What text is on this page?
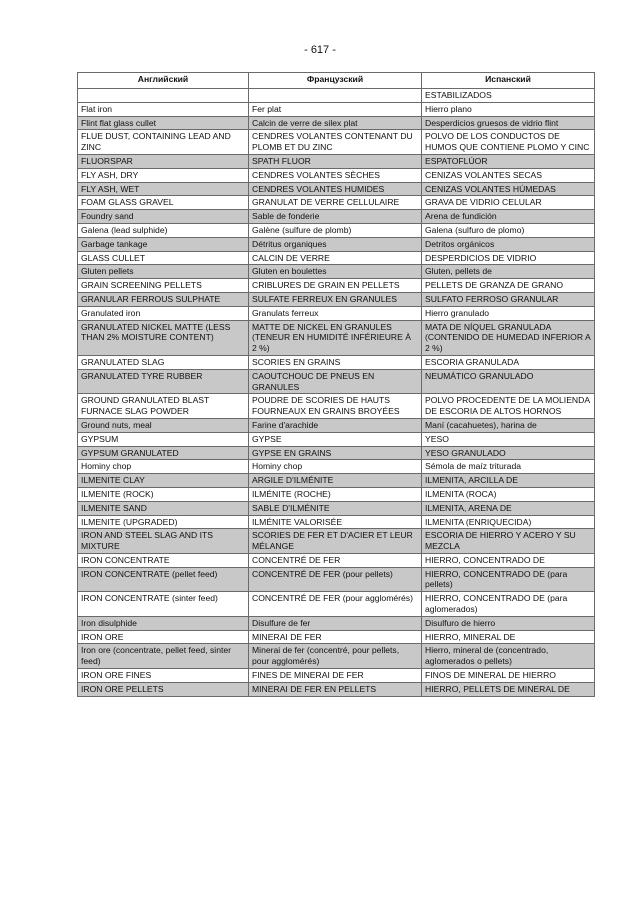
- 617 -
Английский	Французский	Испанский
		ESTABILIZADOS
Flat iron	Fer plat	Hierro plano
Flint flat glass cullet	Calcin de verre de silex plat	Desperdicios gruesos de vidrio flint
FLUE DUST, CONTAINING LEAD AND ZINC	CENDRES VOLANTES CONTENANT DU PLOMB ET DU ZINC	POLVO DE LOS CONDUCTOS DE HUMOS QUE CONTIENE PLOMO Y CINC
FLUORSPAR	SPATH FLUOR	ESPATOFLÚOR
FLY ASH, DRY	CENDRES VOLANTES SÈCHES	CENIZAS VOLANTES SECAS
FLY ASH, WET	CENDRES VOLANTES HUMIDES	CENIZAS VOLANTES HÚMEDAS
FOAM GLASS GRAVEL	GRANULAT DE VERRE CELLULAIRE	GRAVA DE VIDRIO CELULAR
Foundry sand	Sable de fonderie	Arena de fundición
Galena (lead sulphide)	Galène (sulfure de plomb)	Galena (sulfuro de plomo)
Garbage tankage	Détritus organiques	Detritos orgánicos
GLASS CULLET	CALCIN DE VERRE	DESPERDICIOS DE VIDRIO
Gluten pellets	Gluten en boulettes	Gluten, pellets de
GRAIN SCREENING PELLETS	CRIBLURES DE GRAIN EN PELLETS	PELLETS DE GRANZA DE GRANO
GRANULAR FERROUS SULPHATE	SULFATE FERREUX EN GRANULES	SULFATO FERROSO GRANULAR
Granulated iron	Granulats ferreux	Hierro granulado
GRANULATED NICKEL MATTE (LESS THAN 2% MOISTURE CONTENT)	MATTE DE NICKEL EN GRANULES (TENEUR EN HUMIDITÉ INFÉRIEURE À 2 %)	MATA DE NÍQUEL GRANULADA (CONTENIDO DE HUMEDAD INFERIOR A 2 %)
GRANULATED SLAG	SCORIES EN GRAINS	ESCORIA GRANULADA
GRANULATED TYRE RUBBER	CAOUTCHOUC DE PNEUS EN GRANULES	NEUMÁTICO GRANULADO
GROUND GRANULATED BLAST FURNACE SLAG POWDER	POUDRE DE SCORIES DE HAUTS FOURNEAUX EN GRAINS BROYÉES	POLVO PROCEDENTE DE LA MOLIENDA DE ESCORIA DE ALTOS HORNOS
Ground nuts, meal	Farine d'arachide	Maní (cacahuetes), harina de
GYPSUM	GYPSE	YESO
GYPSUM GRANULATED	GYPSE EN GRAINS	YESO GRANULADO
Hominy chop	Hominy chop	Sémola de maíz triturada
ILMENITE CLAY	ARGILE D'ILMÉNITE	ILMENITA, ARCILLA DE
ILMENITE (ROCK)	ILMÉNITE (ROCHE)	ILMENITA (ROCA)
ILMENITE SAND	SABLE D'ILMÉNITE	ILMENITA, ARENA DE
ILMENITE (UPGRADED)	ILMÉNITE VALORISÉE	ILMENITA (ENRIQUECIDA)
IRON AND STEEL SLAG AND ITS MIXTURE	SCORIES DE FER ET D'ACIER ET LEUR MÉLANGE	ESCORIA DE HIERRO Y ACERO Y SU MEZCLA
IRON CONCENTRATE	CONCENTRÉ DE FER	HIERRO, CONCENTRADO DE
IRON CONCENTRATE (pellet feed)	CONCENTRÉ DE FER (pour pellets)	HIERRO, CONCENTRADO DE (para pellets)
IRON CONCENTRATE (sinter feed)	CONCENTRÉ DE FER (pour agglomérés)	HIERRO, CONCENTRADO DE (para aglomerados)
Iron disulphide	Disulfure de fer	Disulfuro de hierro
IRON ORE	MINERAI DE FER	HIERRO, MINERAL DE
Iron ore (concentrate, pellet feed, sinter feed)	Minerai de fer (concentré, pour pellets, pour agglomérés)	Hierro, mineral de (concentrado, aglomerados o pellets)
IRON ORE FINES	FINES DE MINERAI DE FER	FINOS DE MINERAL DE HIERRO
IRON ORE PELLETS	MINERAI DE FER EN PELLETS	HIERRO, PELLETS DE MINERAL DE
